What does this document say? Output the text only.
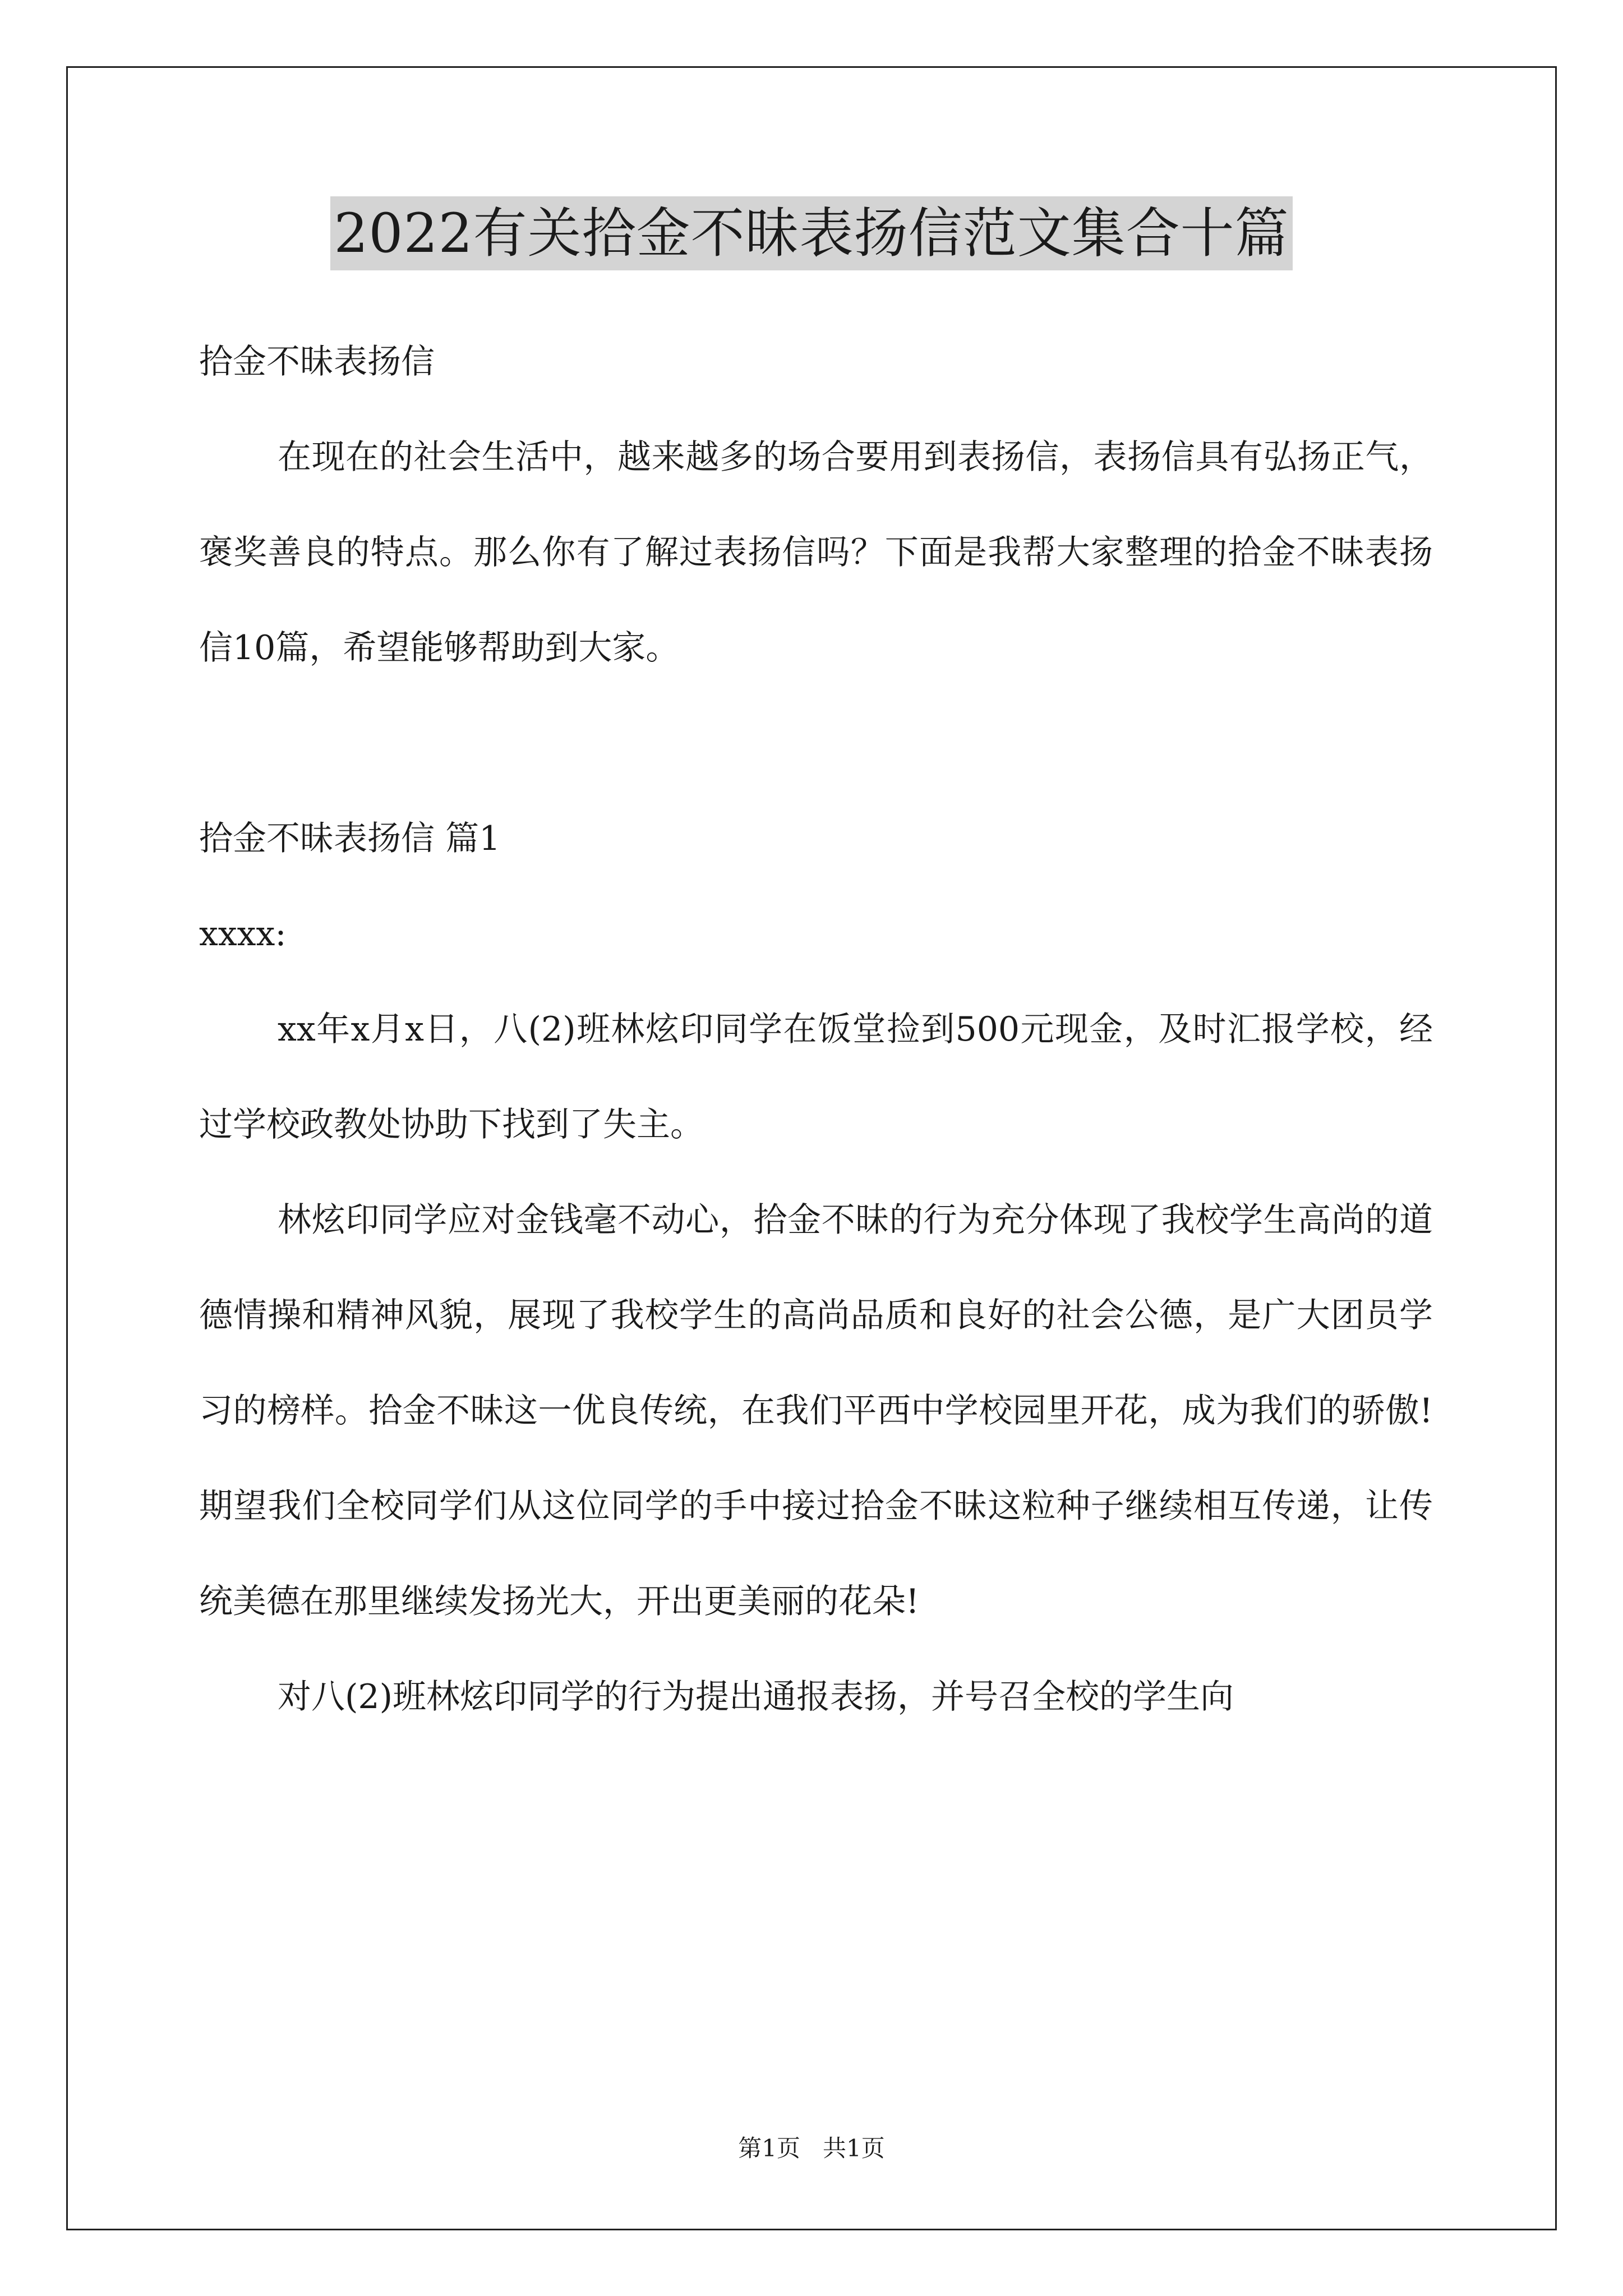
2022有关拾金不昧表扬信范文集合十篇

拾金不昧表扬信

在现在的社会生活中，越来越多的场合要用到表扬信，表扬信具有弘扬正气，褒奖善良的特点。那么你有了解过表扬信吗？下面是我帮大家整理的拾金不昧表扬信10篇，希望能够帮助到大家。

拾金不昧表扬信 篇1

xxxx:

xx年x月x日，八(2)班林炫印同学在饭堂捡到500元现金，及时汇报学校，经过学校政教处协助下找到了失主。

林炫印同学应对金钱毫不动心，拾金不昧的行为充分体现了我校学生高尚的道德情操和精神风貌，展现了我校学生的高尚品质和良好的社会公德，是广大团员学习的榜样。拾金不昧这一优良传统，在我们平西中学校园里开花，成为我们的骄傲!期望我们全校同学们从这位同学的手中接过拾金不昧这粒种子继续相互传递，让传统美德在那里继续发扬光大，开出更美丽的花朵!

对八(2)班林炫印同学的行为提出通报表扬，并号召全校的学生向

第1页   共1页
